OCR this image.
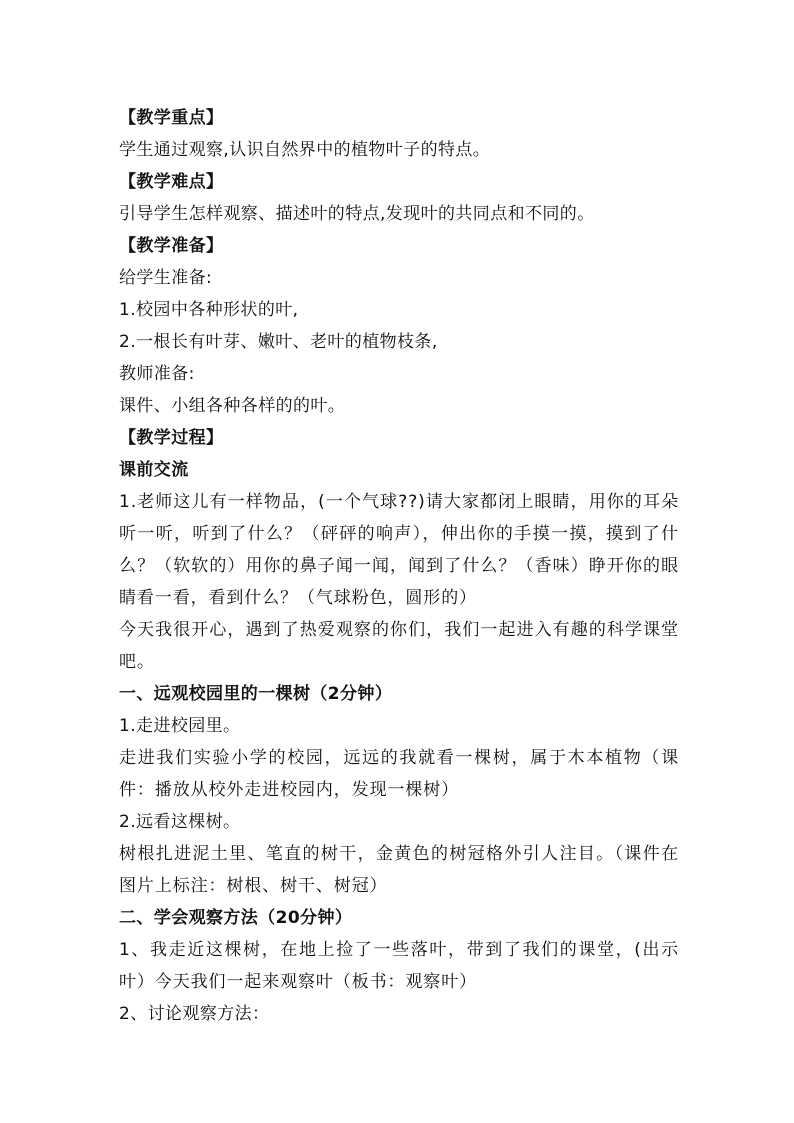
【教学重点】
学生通过观察,认识自然界中的植物叶子的特点。
【教学难点】
引导学生怎样观察、描述叶的特点,发现叶的共同点和不同的。
【教学准备】
给学生准备:
1.校园中各种形状的叶,
2.一根长有叶芽、嫩叶、老叶的植物枝条,
教师准备:
课件、小组各种各样的的叶。
【教学过程】
课前交流
1.老师这儿有一样物品，(一个气球??)请大家都闭上眼睛，用你的耳朵听一听，听到了什么？（砰砰的响声），伸出你的手摸一摸，摸到了什么？（软软的）用你的鼻子闻一闻，闻到了什么？（香味）睁开你的眼睛看一看，看到什么？（气球粉色，圆形的）
今天我很开心，遇到了热爱观察的你们，我们一起进入有趣的科学课堂吧。
一、远观校园里的一棵树（2分钟）
1.走进校园里。
走进我们实验小学的校园，远远的我就看一棵树，属于木本植物（课件：播放从校外走进校园内，发现一棵树）
2.远看这棵树。
树根扎进泥土里、笔直的树干，金黄色的树冠格外引人注目。（课件在图片上标注：树根、树干、树冠）
二、学会观察方法（20分钟）
1、我走近这棵树，在地上捡了一些落叶，带到了我们的课堂，(出示叶）今天我们一起来观察叶（板书：观察叶）
2、讨论观察方法：
